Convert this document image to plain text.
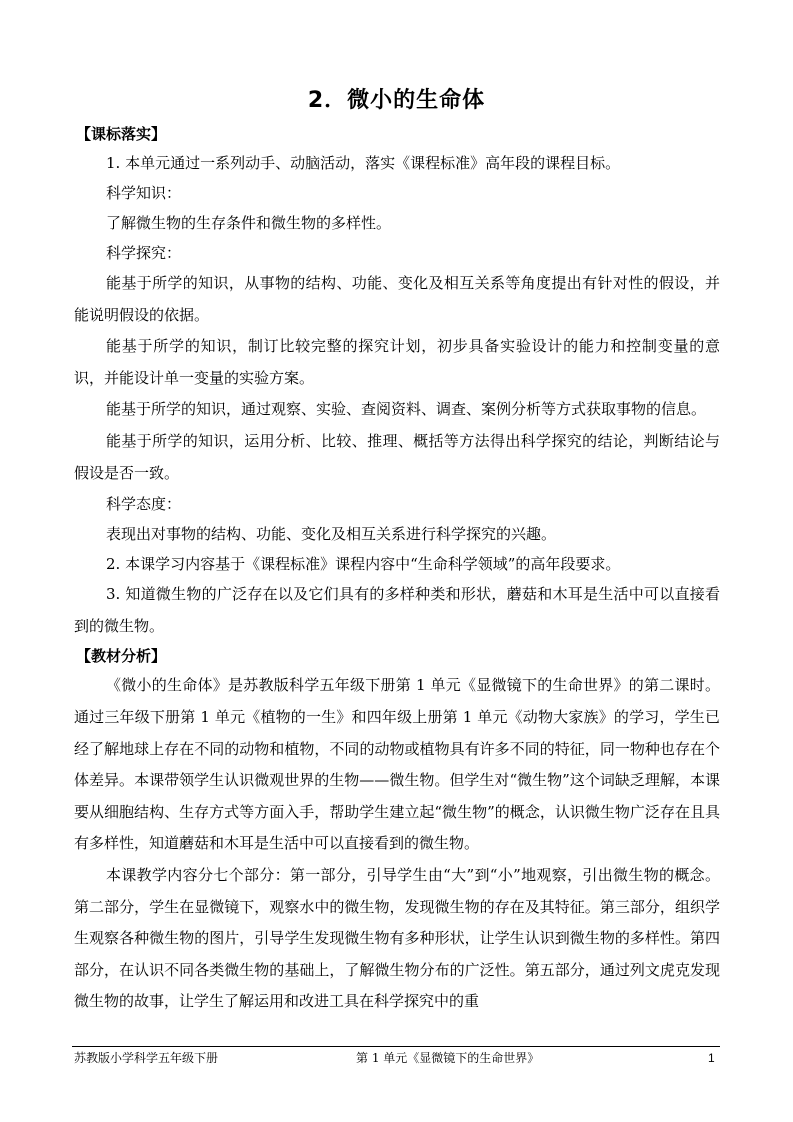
2．微小的生命体
【课标落实】

1. 本单元通过一系列动手、动脑活动，落实《课程标准》高年段的课程目标。

科学知识：

了解微生物的生存条件和微生物的多样性。

科学探究：

能基于所学的知识，从事物的结构、功能、变化及相互关系等角度提出有针对性的假设，并能说明假设的依据。

能基于所学的知识，制订比较完整的探究计划，初步具备实验设计的能力和控制变量的意识，并能设计单一变量的实验方案。

能基于所学的知识，通过观察、实验、查阅资料、调查、案例分析等方式获取事物的信息。

能基于所学的知识，运用分析、比较、推理、概括等方法得出科学探究的结论，判断结论与假设是否一致。

科学态度：

表现出对事物的结构、功能、变化及相互关系进行科学探究的兴趣。

2. 本课学习内容基于《课程标准》课程内容中“生命科学领域”的高年段要求。

3. 知道微生物的广泛存在以及它们具有的多样种类和形状，蘑菇和木耳是生活中可以直接看到的微生物。

【教材分析】

《微小的生命体》是苏教版科学五年级下册第 1 单元《显微镜下的生命世界》的第二课时。通过三年级下册第 1 单元《植物的一生》和四年级上册第 1 单元《动物大家族》的学习，学生已经了解地球上存在不同的动物和植物，不同的动物或植物具有许多不同的特征，同一物种也存在个体差异。本课带领学生认识微观世界的生物——微生物。但学生对“微生物”这个词缺乏理解，本课要从细胞结构、生存方式等方面入手，帮助学生建立起“微生物”的概念，认识微生物广泛存在且具有多样性，知道蘑菇和木耳是生活中可以直接看到的微生物。

本课教学内容分七个部分：第一部分，引导学生由“大”到“小”地观察，引出微生物的概念。第二部分，学生在显微镜下，观察水中的微生物，发现微生物的存在及其特征。第三部分，组织学生观察各种微生物的图片，引导学生发现微生物有多种形状，让学生认识到微生物的多样性。第四部分，在认识不同各类微生物的基础上，了解微生物分布的广泛性。第五部分，通过列文虎克发现微生物的故事，让学生了解运用和改进工具在科学探究中的重

苏教版小学科学五年级下册	第 1 单元《显微镜下的生命世界》	1
